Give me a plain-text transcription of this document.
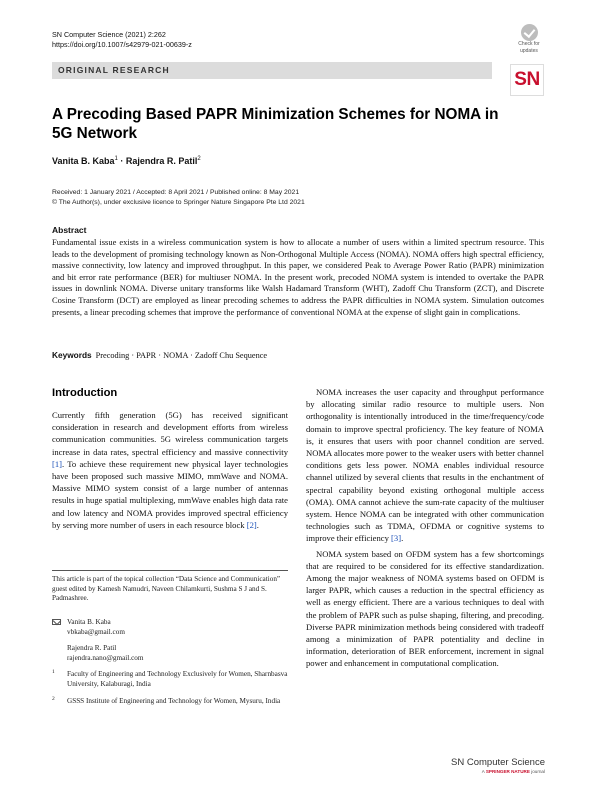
SN Computer Science (2021) 2:262
https://doi.org/10.1007/s42979-021-00639-z	Check for
updates
ORIGINAL RESEARCH	SN
A Precoding Based PAPR Minimization Schemes for NOMA in 5G Network
Vanita B. Kaba$^1$ · Rajendra R. Patil$^2$
Received: 1 January 2021 / Accepted: 8 April 2021 / Published online: 8 May 2021
© The Author(s), under exclusive licence to Springer Nature Singapore Pte Ltd 2021
Abstract

Fundamental issue exists in a wireless communication system is how to allocate a number of users within a limited spectrum resource. This leads to the development of promising technology known as Non-Orthogonal Multiple Access (NOMA). NOMA offers high spectral efficiency, massive connectivity, low latency and improved throughput. In this paper, we considered Peak to Average Power Ratio (PAPR) minimization and bit error rate performance (BER) for multiuser NOMA. In the present work, precoded NOMA system is intended to overtake the PAPR issues in downlink NOMA. Diverse unitary transforms like Walsh Hadamard Transform (WHT), Zadoff Chu Transform (ZCT), and Discrete Cosine Transform (DCT) are employed as linear precoding schemes to address the PAPR difficulties in NOMA system. Simulation outcomes presents, a linear precoding schemes that improve the performance of conventional NOMA at the expense of slight gain in complications.

Keywords Precoding · PAPR · NOMA · Zadoff Chu Sequence
Introduction

Currently fifth generation (5G) has received significant consideration in research and development efforts from wireless communication communities. 5G wireless communication targets increase in data rates, spectral efficiency and massive connectivity [1]. To achieve these requirement new physical layer technologies have been proposed such massive MIMO, mmWave and NOMA. Massive MIMO system consist of a large number of antennas results in huge spatial multiplexing, mmWave enables high data rate and low latency and NOMA provides improved spectral efficiency by serving more number of users in each resource block [2].

NOMA increases the user capacity and throughput performance by allocating similar radio resource to multiple users. Non orthogonality is intentionally introduced in the time/frequency/code domain to improve spectral proficiency. The key feature of NOMA is, it ensures that users with poor channel condition are served. NOMA allocates more power to the weaker users with better channel conditions gets less power. NOMA enables individual resource channel utilized by several clients that results in the enchantment of spectral capability beyond existing orthogonal multiple access (OMA). OMA cannot achieve the sum-rate capacity of the multiuser system. Hence NOMA can be integrated with other communication technologies such as TDMA, OFDMA or cognitive systems to improve their efficiency [3].

NOMA system based on OFDM system has a few shortcomings that are required to be considered for its effective standardization. Among the major weakness of NOMA systems based on OFDM is larger PAPR, which causes a reduction in the spectral efficiency as well as energy efficient. There are a various techniques to deal with the problem of PAPR such as pulse shaping, filtering, and precoding. Diverse PAPR minimization methods being considered with tradeoff among a minimization of PAPR potentiality and decline in information, deterioration of BER enforcement, increment in signal power and enhancement in computational complication.

This article is part of the topical collection “Data Science and Communication” guest edited by Kamesh Namudri, Naveen Chilamkurti, Sushma S J and S. Padmashree.

Vanita B. Kaba
vbkaba@gmail.com
Rajendra R. Patil
rajendra.nano@gmail.com
1 Faculty of Engineering and Technology Exclusively for Women, Sharnbasva University, Kalaburagi, India
2 GSSS Institute of Engineering and Technology for Women, Mysuru, India
SN Computer Science
A SPRINGER NATURE journal
